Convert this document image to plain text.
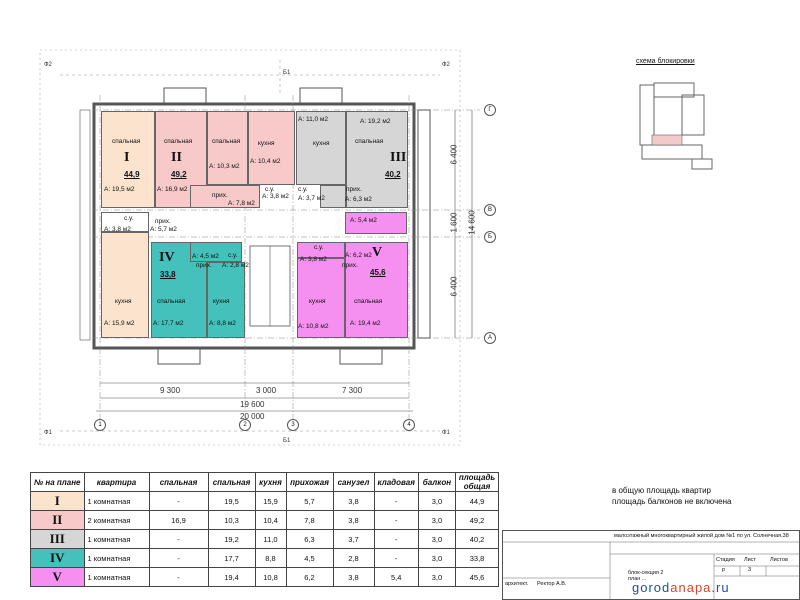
спальная
А: 19,5 м2
кухня
А: 15,9 м2
с.у.
А: 3,8 м2
прих.
А: 5,7 м2
спальная
А: 16,9 м2
спальная
А: 10,3 м2
кухня
А: 10,4 м2
прих.
А: 7,8 м2
с.у.
А: 3,8 м2
кухня
А: 11,0 м2
спальная
А: 19,2 м2
прих.
А: 6,3 м2
с.у.
А: 3,7 м2
спальная
А: 17,7 м2
кухня
А: 8,8 м2
А: 4,5 м2
прих.
с.у.
А: 2,8 м2
кухня
А: 10,8 м2
спальная
А: 19,4 м2
прих.
А: 6,2 м2
А: 3,8 м2
с.у.
А: 5,4 м2
I
44,9
II
49,2
III
40,2
IV
33,8
V
45,6
Г
В
Б
А
1	2	3	4
Ф2	Ф2
Ф1	Ф1
Б1
Б1
9 300	3 000	7 300
19 600
20 000
6 400
1 600
6 400
14 600
схема блокировки
№ на плане	квартира	спальная	спальная	кухня	прихожая	санузел	кладовая	балкон	площадь общая
I	1 комнатная	-	19,5	15,9	5,7	3,8	-	3,0	44,9
II	2 комнатная	16,9	10,3	10,4	7,8	3,8	-	3,0	49,2
III	1 комнатная	-	19,2	11,0	6,3	3,7	-	3,0	40,2
IV	1 комнатная	-	17,7	8,8	4,5	2,8	-	3,0	33,8
V	1 комнатная	-	19,4	10,8	6,2	3,8	5,4	3,0	45,6
в общую площадь квартир
площадь балконов не включена
малоэтажный многоквартирный жилой дом №1 по ул. Солнечная,38
блок-секция 2
план ...
Стадия Лист	Листов
р	3
архитект. Ректор А.В.	gorodanapa.ru
